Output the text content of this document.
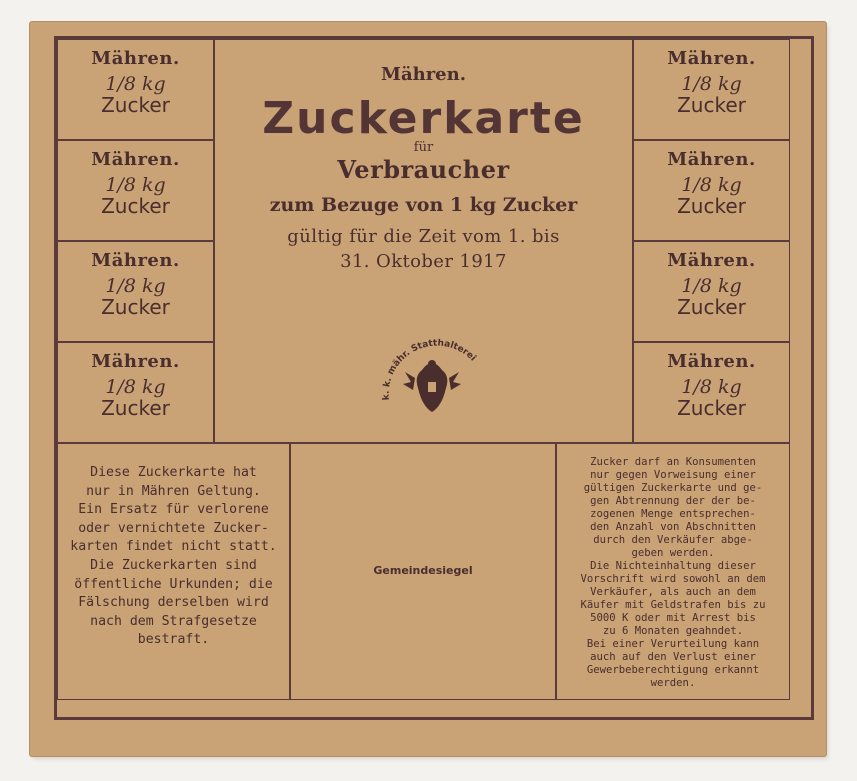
Mähren.
1/8 kg
Zucker
Mähren.
1/8 kg
Zucker
Mähren.
1/8 kg
Zucker
Mähren.
1/8 kg
Zucker
Mähren.
Zuckerkarte
für
Verbraucher
zum Bezuge von 1 kg Zucker
gültig für die Zeit vom 1. bis
31. Oktober 1917
k. k. mähr. Statthalterei
Mähren.
1/8 kg
Zucker
Mähren.
1/8 kg
Zucker
Mähren.
1/8 kg
Zucker
Mähren.
1/8 kg
Zucker
Diese Zuckerkarte hat
nur in Mähren Geltung.
Ein Ersatz für verlorene
oder vernichtete Zucker-
karten findet nicht statt.
Die Zuckerkarten sind
öffentliche Urkunden; die
Fälschung derselben wird
nach dem Strafgesetze
bestraft.
Gemeindesiegel
Zucker darf an Konsumenten
nur gegen Vorweisung einer
gültigen Zuckerkarte und ge-
gen Abtrennung der der be-
zogenen Menge entsprechen-
den Anzahl von Abschnitten
durch den Verkäufer abge-
geben werden.
Die Nichteinhaltung dieser
Vorschrift wird sowohl an dem
Verkäufer, als auch an dem
Käufer mit Geldstrafen bis zu
5000 K oder mit Arrest bis
zu 6 Monaten geahndet.
Bei einer Verurteilung kann
auch auf den Verlust einer
Gewerbeberechtigung erkannt
werden.
